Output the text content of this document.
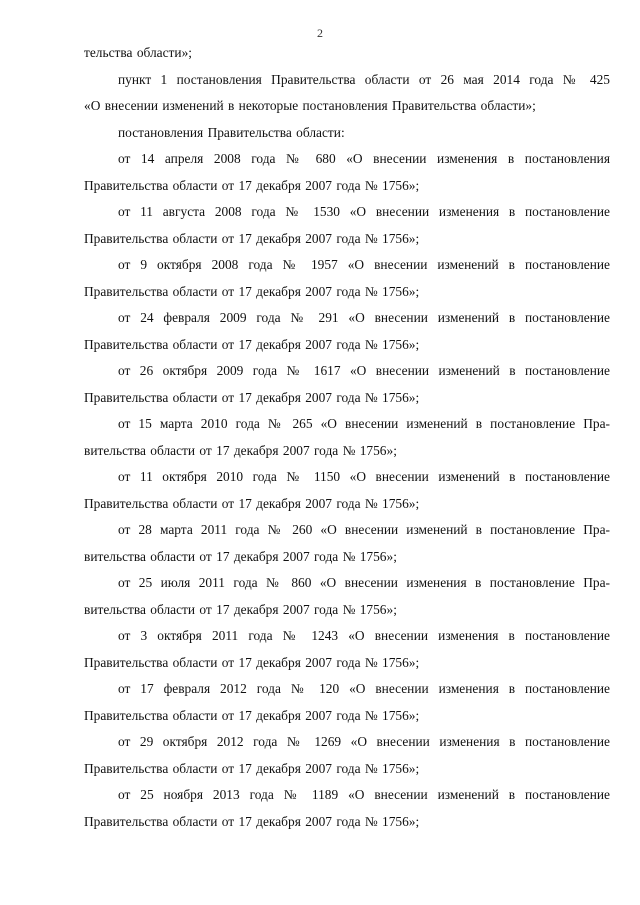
2

тельства области»;

пункт 1 постановления Правительства области от 26 мая 2014 года № 425
«О внесении изменений в некоторые постановления Правительства области»;

постановления Правительства области:

от 14 апреля 2008 года № 680 «О внесении изменения в постановления
Правительства области от 17 декабря 2007 года № 1756»;

от 11 августа 2008 года № 1530 «О внесении изменения в постановление
Правительства области от 17 декабря 2007 года № 1756»;

от 9 октября 2008 года № 1957 «О внесении изменений в постановление
Правительства области от 17 декабря 2007 года № 1756»;

от 24 февраля 2009 года № 291 «О внесении изменений в постановление
Правительства области от 17 декабря 2007 года № 1756»;

от 26 октября 2009 года № 1617 «О внесении изменений в постановление
Правительства области от 17 декабря 2007 года № 1756»;

от 15 марта 2010 года № 265 «О внесении изменений в постановление Пра-
вительства области от 17 декабря 2007 года № 1756»;

от 11 октября 2010 года № 1150 «О внесении изменений в постановление
Правительства области от 17 декабря 2007 года № 1756»;

от 28 марта 2011 года № 260 «О внесении изменений в постановление Пра-
вительства области от 17 декабря 2007 года № 1756»;

от 25 июля 2011 года № 860 «О внесении изменения в постановление Пра-
вительства области от 17 декабря 2007 года № 1756»;

от 3 октября 2011 года № 1243 «О внесении изменения в постановление
Правительства области от 17 декабря 2007 года № 1756»;

от 17 февраля 2012 года № 120 «О внесении изменения в постановление
Правительства области от 17 декабря 2007 года № 1756»;

от 29 октября 2012 года № 1269 «О внесении изменения в постановление
Правительства области от 17 декабря 2007 года № 1756»;

от 25 ноября 2013 года № 1189 «О внесении изменений в постановление
Правительства области от 17 декабря 2007 года № 1756»;
